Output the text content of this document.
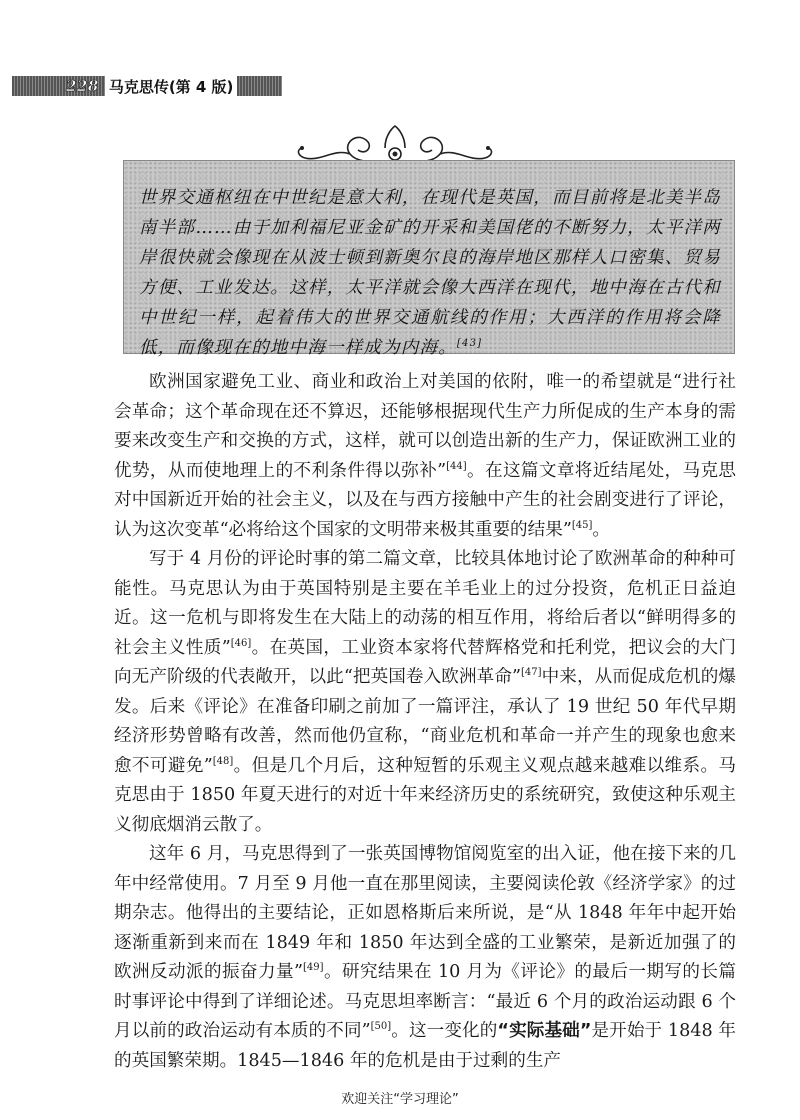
228 马克思传(第 4 版)
世界交通枢纽在中世纪是意大利，在现代是英国，而目前将是北美半岛南半部……由于加利福尼亚金矿的开采和美国佬的不断努力，太平洋两岸很快就会像现在从波士顿到新奥尔良的海岸地区那样人口密集、贸易方便、工业发达。这样，太平洋就会像大西洋在现代，地中海在古代和中世纪一样，起着伟大的世界交通航线的作用；大西洋的作用将会降低，而像现在的地中海一样成为内海。[43]

欧洲国家避免工业、商业和政治上对美国的依附，唯一的希望就是“进行社会革命；这个革命现在还不算迟，还能够根据现代生产力所促成的生产本身的需要来改变生产和交换的方式，这样，就可以创造出新的生产力，保证欧洲工业的优势，从而使地理上的不利条件得以弥补”[44]。在这篇文章将近结尾处，马克思对中国新近开始的社会主义，以及在与西方接触中产生的社会剧变进行了评论，认为这次变革“必将给这个国家的文明带来极其重要的结果”[45]。

写于 4 月份的评论时事的第二篇文章，比较具体地讨论了欧洲革命的种种可能性。马克思认为由于英国特别是主要在羊毛业上的过分投资，危机正日益迫近。这一危机与即将发生在大陆上的动荡的相互作用，将给后者以“鲜明得多的社会主义性质”[46]。在英国，工业资本家将代替辉格党和托利党，把议会的大门向无产阶级的代表敞开，以此“把英国卷入欧洲革命”[47]中来，从而促成危机的爆发。后来《评论》在准备印刷之前加了一篇评注，承认了 19 世纪 50 年代早期经济形势曾略有改善，然而他仍宣称，“商业危机和革命一并产生的现象也愈来愈不可避免”[48]。但是几个月后，这种短暂的乐观主义观点越来越难以维系。马克思由于 1850 年夏天进行的对近十年来经济历史的系统研究，致使这种乐观主义彻底烟消云散了。

这年 6 月，马克思得到了一张英国博物馆阅览室的出入证，他在接下来的几年中经常使用。7 月至 9 月他一直在那里阅读，主要阅读伦敦《经济学家》的过期杂志。他得出的主要结论，正如恩格斯后来所说，是“从 1848 年年中起开始逐渐重新到来而在 1849 年和 1850 年达到全盛的工业繁荣，是新近加强了的欧洲反动派的振奋力量”[49]。研究结果在 10 月为《评论》的最后一期写的长篇时事评论中得到了详细论述。马克思坦率断言：“最近 6 个月的政治运动跟 6 个月以前的政治运动有本质的不同”[50]。这一变化的“实际基础”是开始于 1848 年的英国繁荣期。1845—1846 年的危机是由于过剩的生产

欢迎关注“学习理论”
